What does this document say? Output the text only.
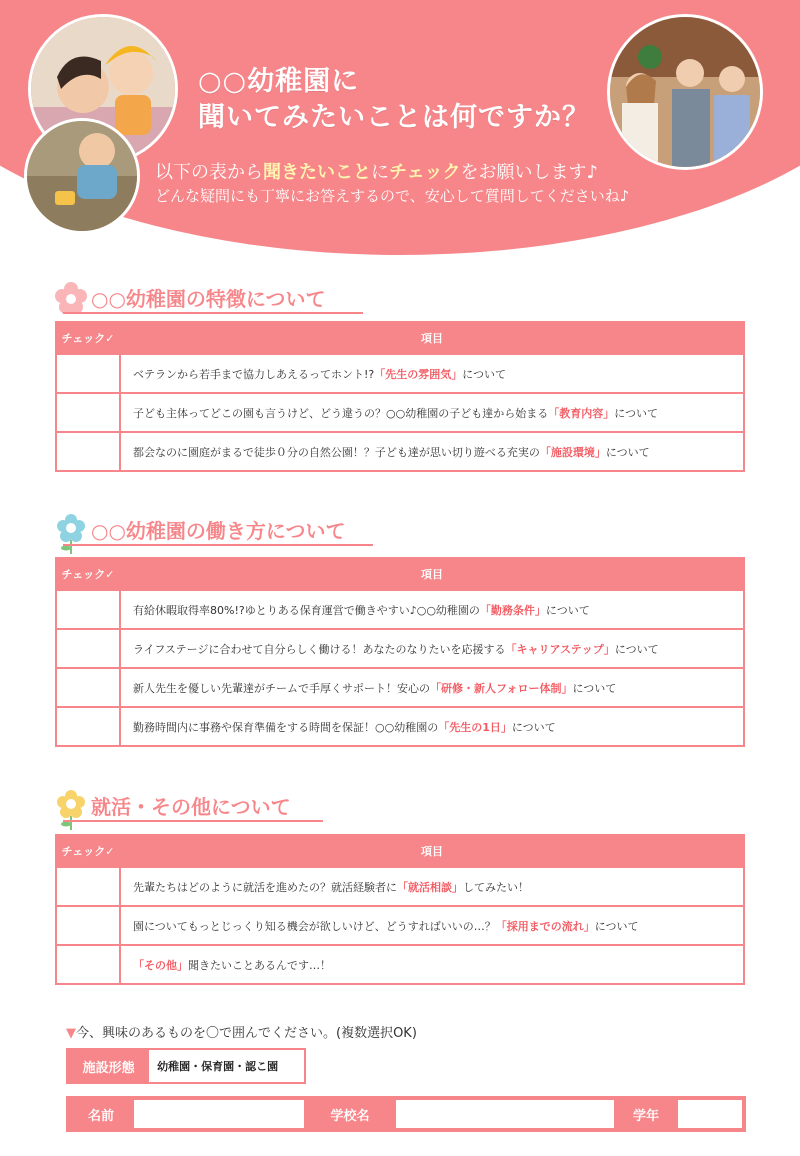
○○幼稚園に
聞いてみたいことは何ですか？
以下の表から聞きたいことにチェックをお願いします♪
どんな疑問にも丁寧にお答えするので、安心して質問してくださいね♪
○○幼稚園の特徴について
チェック✓	項目
	ベテランから若手まで協力しあえるってホント!?「先生の雰囲気」について
	子ども主体ってどこの園も言うけど、どう違うの？○○幼稚園の子ども達から始まる「教育内容」について
	都会なのに園庭がまるで徒歩０分の自然公園！？子ども達が思い切り遊べる充実の「施設環境」について
○○幼稚園の働き方について
チェック✓	項目
	有給休暇取得率80%!?ゆとりある保育運営で働きやすい♪○○幼稚園の「勤務条件」について
	ライフステージに合わせて自分らしく働ける！あなたのなりたいを応援する「キャリアステップ」について
	新人先生を優しい先輩達がチームで手厚くサポート！安心の「研修・新人フォロー体制」について
	勤務時間内に事務や保育準備をする時間を保証！○○幼稚園の「先生の1日」について
就活・その他について
チェック✓	項目
	先輩たちはどのように就活を進めたの？就活経験者に「就活相談」してみたい！
	園についてもっとじっくり知る機会が欲しいけど、どうすればいいの…？「採用までの流れ」について
	「その他」聞きたいことあるんです…！
▼今、興味のあるものを〇で囲んでください。(複数選択OK)
施設形態	幼稚園・保育園・認こ園
名前	学校名	学年
